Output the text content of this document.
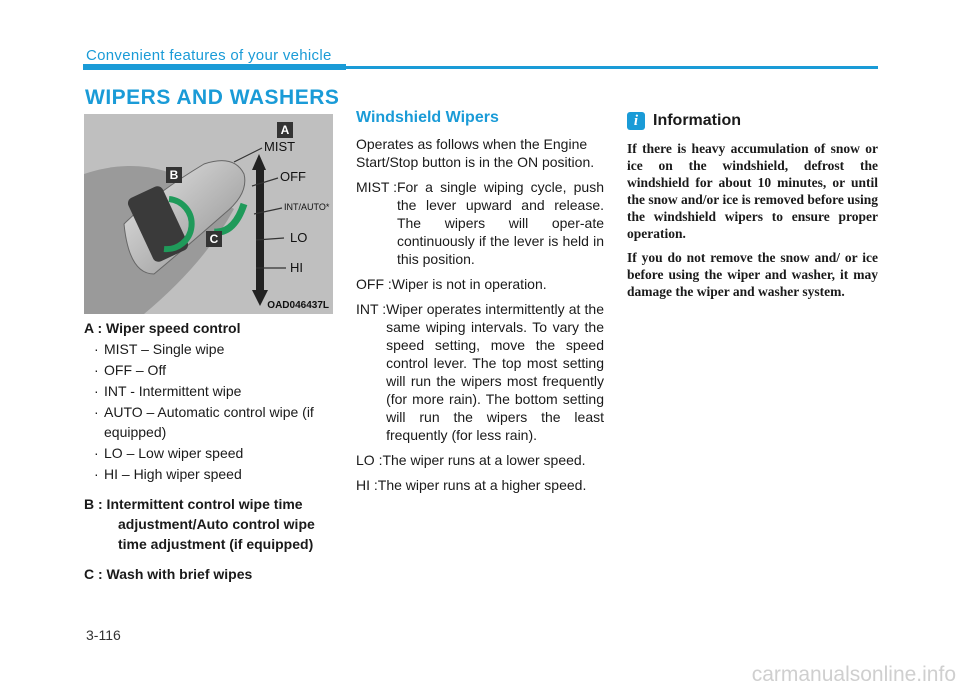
Convenient features of your vehicle
WIPERS AND WASHERS
A
B
C
MIST
OFF
INT/AUTO*
LO
HI
OAD046437L
A : Wiper speed control
· MIST – Single wipe
· OFF – Off
· INT - Intermittent wipe
· AUTO – Automatic control wipe (if equipped)
· LO – Low wiper speed
· HI – High wiper speed
B : Intermittent control wipe time adjustment/Auto control wipe time adjustment (if equipped)
C : Wash with brief wipes
Windshield Wipers

Operates as follows when the Engine Start/Stop button is in the ON position.

MIST : For a single wiping cycle, push the lever upward and release. The wipers will oper-ate continuously if the lever is held in this position.
OFF : Wiper is not in operation.
INT : Wiper operates intermittently at the same wiping intervals. To vary the speed setting, move the speed control lever. The top most setting will run the wipers most frequently (for more rain). The bottom setting will run the wipers the least frequently (for less rain).
LO : The wiper runs at a lower speed.
HI : The wiper runs at a higher speed.
i Information

If there is heavy accumulation of snow or ice on the windshield, defrost the windshield for about 10 minutes, or until the snow and/or ice is removed before using the windshield wipers to ensure proper operation.

If you do not remove the snow and/ or ice before using the wiper and washer, it may damage the wiper and washer system.

3-116
carmanualsonline.info
